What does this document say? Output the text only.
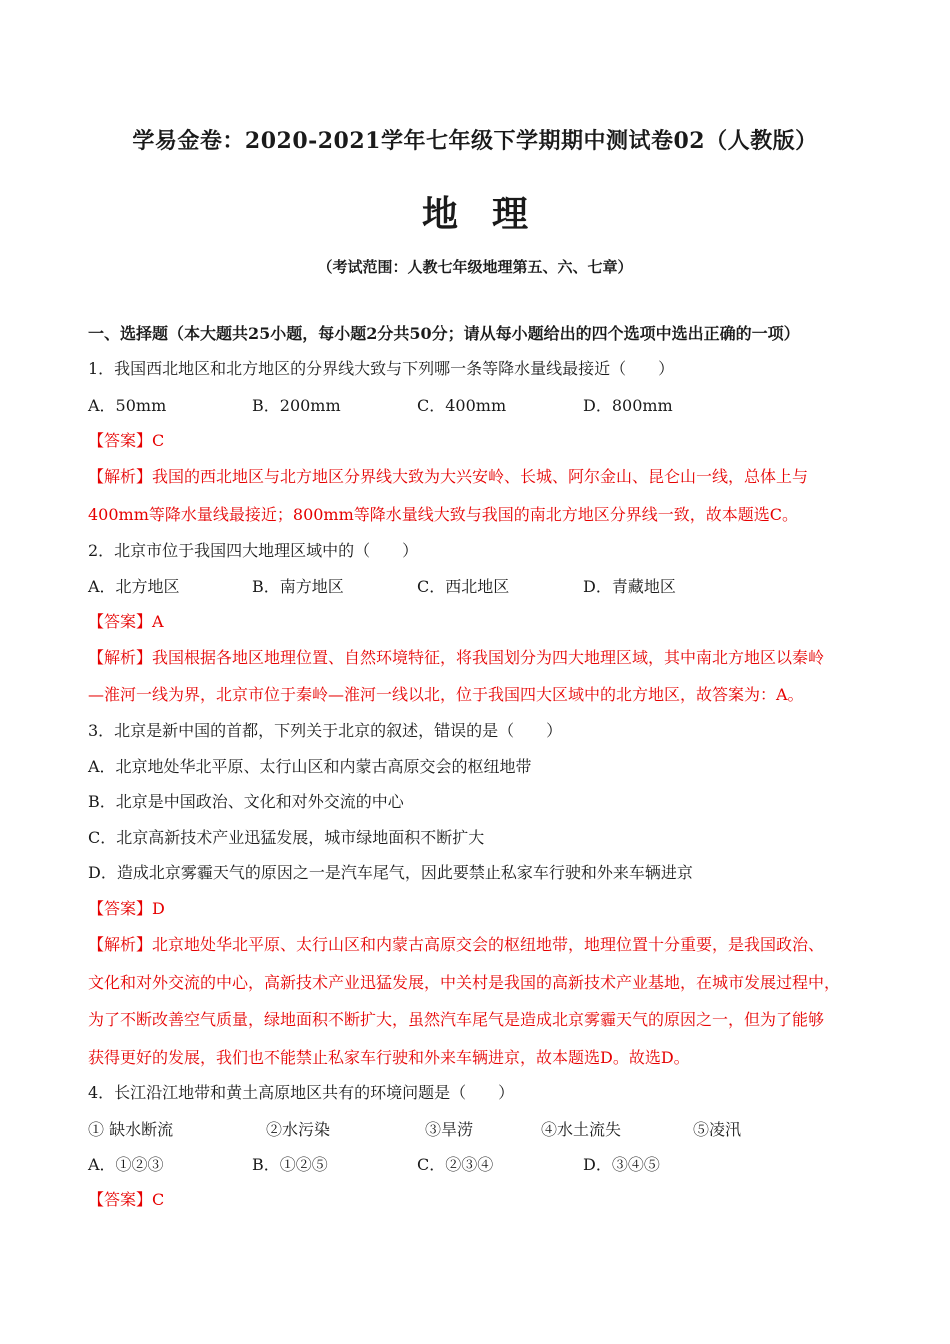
学易金卷：2020-2021学年七年级下学期期中测试卷02（人教版）
地理
（考试范围：人教七年级地理第五、六、七章）
一、选择题（本大题共25小题，每小题2分共50分；请从每小题给出的四个选项中选出正确的一项）
1．我国西北地区和北方地区的分界线大致与下列哪一条等降水量线最接近（　　）
A．50mm	B．200mm	C．400mm	D．800mm
【答案】C
【解析】我国的西北地区与北方地区分界线大致为大兴安岭、长城、阿尔金山、昆仑山一线，总体上与
400mm等降水量线最接近；800mm等降水量线大致与我国的南北方地区分界线一致，故本题选C。
2．北京市位于我国四大地理区域中的（　　）
A．北方地区	B．南方地区	C．西北地区	D．青藏地区
【答案】A
【解析】我国根据各地区地理位置、自然环境特征，将我国划分为四大地理区域，其中南北方地区以秦岭
—淮河一线为界，北京市位于秦岭—淮河一线以北，位于我国四大区域中的北方地区，故答案为：A。
3．北京是新中国的首都，下列关于北京的叙述，错误的是（　　）
A．北京地处华北平原、太行山区和内蒙古高原交会的枢纽地带
B．北京是中国政治、文化和对外交流的中心
C．北京高新技术产业迅猛发展，城市绿地面积不断扩大
D．造成北京雾霾天气的原因之一是汽车尾气，因此要禁止私家车行驶和外来车辆进京
【答案】D
【解析】北京地处华北平原、太行山区和内蒙古高原交会的枢纽地带，地理位置十分重要，是我国政治、
文化和对外交流的中心，高新技术产业迅猛发展，中关村是我国的高新技术产业基地，在城市发展过程中，
为了不断改善空气质量，绿地面积不断扩大，虽然汽车尾气是造成北京雾霾天气的原因之一，但为了能够
获得更好的发展，我们也不能禁止私家车行驶和外来车辆进京，故本题选D。故选D。
4．长江沿江地带和黄土高原地区共有的环境问题是（　　）
① 缺水断流	②水污染	③旱涝	④水土流失	⑤凌汛
A．①②③	B．①②⑤	C．②③④	D．③④⑤
【答案】C
